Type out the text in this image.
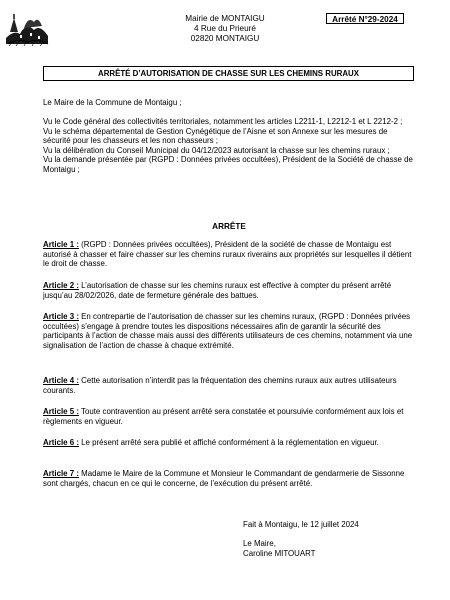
Mairie de MONTAIGU
4 Rue du Prieuré
02820 MONTAIGU
Arrêté N°29-2024
ARRÊTÉ D’AUTORISATION DE CHASSE SUR LES CHEMINS RURAUX
Le Maire de la Commune de Montaigu ;

Vu le Code général des collectivités territoriales, notamment les articles L2211-1, L2212-1 et L 2212-2 ;

Vu le schéma départemental de Gestion Cynégétique de l’Aisne et son Annexe sur les mesures de sécurité pour les chasseurs et les non chasseurs ;

Vu la délibération du Conseil Municipal du 04/12/2023 autorisant la chasse sur les chemins ruraux ;

Vu la demande présentée par (RGPD : Données privées occultées), Président de la Société de chasse de Montaigu ;

ARRÊTE
Article 1 : (RGPD : Données privées occultées), Président de la société de chasse de Montaigu est autorisé à chasser et faire chasser sur les chemins ruraux riverains aux propriétés sur lesquelles il détient le droit de chasse.
Article 2 : L’autorisation de chasse sur les chemins ruraux est effective à compter du présent arrêté jusqu’au 28/02/2026, date de fermeture générale des battues.
Article 3 : En contrepartie de l’autorisation de chasser sur les chemins ruraux, (RGPD : Données privées occultées) s’engage à prendre toutes les dispositions nécessaires afin de garantir la sécurité des participants à l’action de chasse mais aussi des différents utilisateurs de ces chemins, notamment via une signalisation de l’action de chasse à chaque extrémité.
Article 4 : Cette autorisation n’interdit pas la fréquentation des chemins ruraux aux autres utilisateurs courants.
Article 5 : Toute contravention au présent arrêté sera constatée et poursuivie conformément aux lois et règlements en vigueur.
Article 6 : Le présent arrêté sera publié et affiché conformément à la réglementation en vigueur.
Article 7 : Madame le Maire de la Commune et Monsieur le Commandant de gendarmerie de Sissonne sont chargés, chacun en ce qui le concerne, de l’exécution du présent arrêté.
Fait à Montaigu, le 12 juillet 2024
Le Maire,
Caroline MITOUART
